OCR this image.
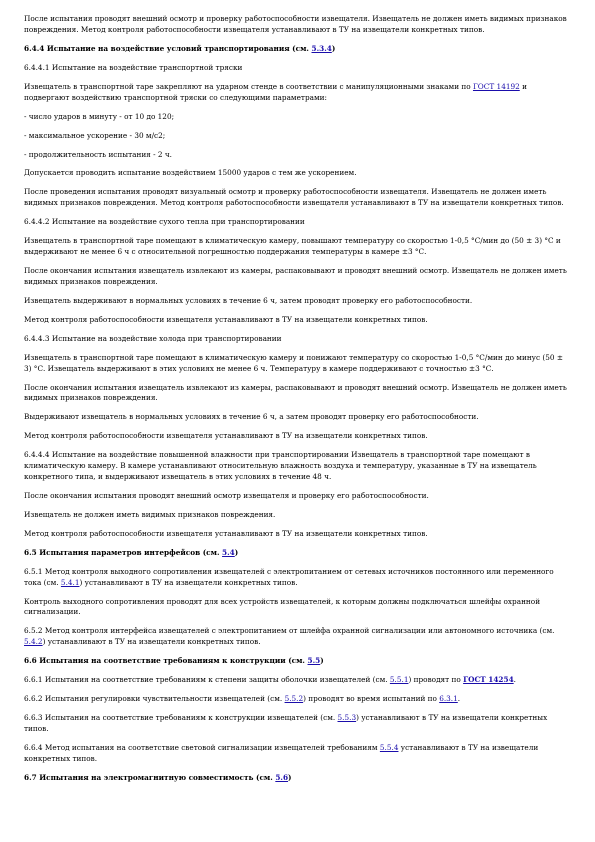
После испытания проводят внешний осмотр и проверку работоспособности извещателя. Извещатель не должен иметь видимых признаков повреждения. Метод контроля работоспособности извещателя устанавливают в ТУ на извещатели конкретных типов.

6.4.4 Испытание на воздействие условий транспортирования (см. 5.3.4)

6.4.4.1 Испытание на воздействие транспортной тряски

Извещатель в транспортной таре закрепляют на ударном стенде в соответствии с манипуляционными знаками по ГОСТ 14192 и подвергают воздействию транспортной тряски со следующими параметрами:

- число ударов в минуту - от 10 до 120;

- максимальное ускорение - 30 м/с2;

- продолжительность испытания - 2 ч.

Допускается проводить испытание воздействием 15000 ударов с тем же ускорением.

После проведения испытания проводят визуальный осмотр и проверку работоспособности извещателя. Извещатель не должен иметь видимых признаков повреждения. Метод контроля работоспособности извещателя устанавливают в ТУ на извещатели конкретных типов.

6.4.4.2 Испытание на воздействие сухого тепла при транспортировании

Извещатель в транспортной таре помещают в климатическую камеру, повышают температуру со скоростью 1-0,5 °С/мин до (50 ± 3) °С и выдерживают не менее 6 ч с относительной погрешностью поддержания температуры в камере ±3 °С.

После окончания испытания извещатель извлекают из камеры, распаковывают и проводят внешний осмотр. Извещатель не должен иметь видимых признаков повреждения.

Извещатель выдерживают в нормальных условиях в течение 6 ч, затем проводят проверку его работоспособности.

Метод контроля работоспособности извещателя устанавливают в ТУ на извещатели конкретных типов.

6.4.4.3 Испытание на воздействие холода при транспортировании

Извещатель в транспортной таре помещают в климатическую камеру и понижают температуру со скоростью 1-0,5 °С/мин до минус (50 ± 3) °С. Извещатель выдерживают в этих условиях не менее 6 ч. Температуру в камере поддерживают с точностью ±3 °С.

После окончания испытания извещатель извлекают из камеры, распаковывают и проводят внешний осмотр. Извещатель не должен иметь видимых признаков повреждения.

Выдерживают извещатель в нормальных условиях в течение 6 ч, а затем проводят проверку его работоспособности.

Метод контроля работоспособности извещателя устанавливают в ТУ на извещатели конкретных типов.

6.4.4.4 Испытание на воздействие повышенной влажности при транспортировании Извещатель в транспортной таре помещают в климатическую камеру. В камере устанавливают относительную влажность воздуха и температуру, указанные в ТУ на извещатель конкретного типа, и выдерживают извещатель в этих условиях в течение 48 ч.

После окончания испытания проводят внешний осмотр извещателя и проверку его работоспособности.

Извещатель не должен иметь видимых признаков повреждения.

Метод контроля работоспособности извещателя устанавливают в ТУ на извещатели конкретных типов.

6.5 Испытания параметров интерфейсов (см. 5.4)

6.5.1 Метод контроля выходного сопротивления извещателей с электропитанием от сетевых источников постоянного или переменного тока (см. 5.4.1) устанавливают в ТУ на извещатели конкретных типов.

Контроль выходного сопротивления проводят для всех устройств извещателей, к которым должны подключаться шлейфы охранной сигнализации.

6.5.2 Метод контроля интерфейса извещателей с электропитанием от шлейфа охранной сигнализации или автономного источника (см. 5.4.2) устанавливают в ТУ на извещатели конкретных типов.

6.6 Испытания на соответствие требованиям к конструкции (см. 5.5)

6.6.1 Испытания на соответствие требованиям к степени защиты оболочки извещателей (см. 5.5.1) проводят по ГОСТ 14254.

6.6.2 Испытания регулировки чувствительности извещателей (см. 5.5.2) проводят во время испытаний по 6.3.1.

6.6.3 Испытания на соответствие требованиям к конструкции извещателей (см. 5.5.3) устанавливают в ТУ на извещатели конкретных типов.

6.6.4 Метод испытания на соответствие световой сигнализации извещателей требованиям 5.5.4 устанавливают в ТУ на извещатели конкретных типов.

6.7 Испытания на электромагнитную совместимость (см. 5.6)
